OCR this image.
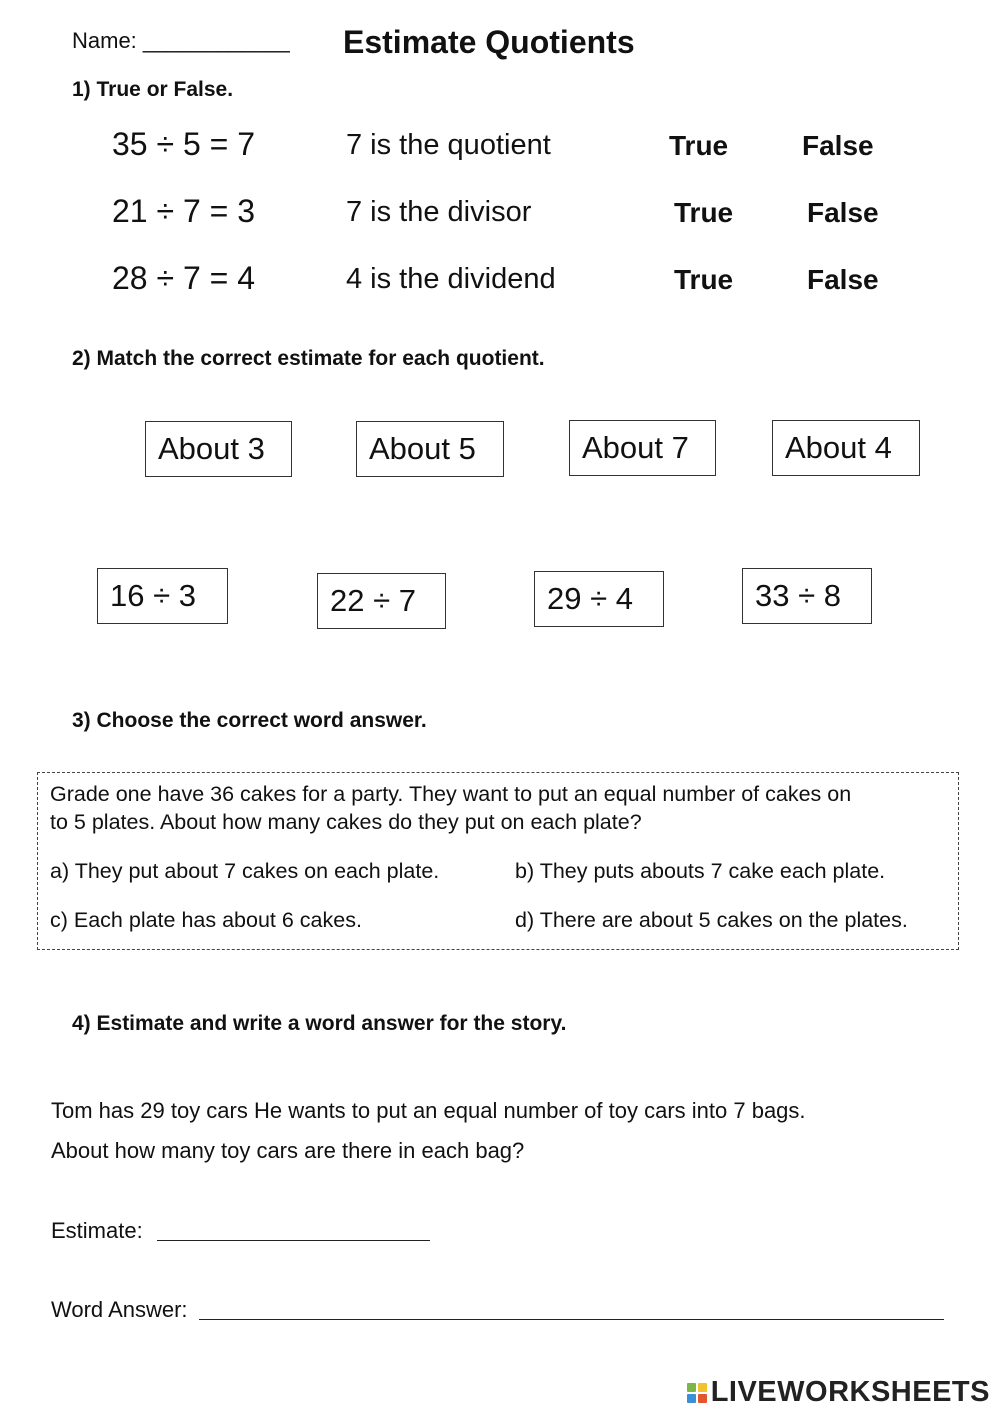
Name: ____________ Estimate Quotients
1) True or False.
35 ÷ 5 = 7	7 is the quotient	True	False
21 ÷ 7 = 3	7 is the divisor	True	False
28 ÷ 7 = 4	4 is the dividend	True	False
2) Match the correct estimate for each quotient.
About 3	About 5	About 7	About 4
16 ÷ 3	22 ÷ 7	29 ÷ 4	33 ÷ 8
3) Choose the correct word answer.
Grade one have 36 cakes for a party. They want to put an equal number of cakes on
to 5 plates. About how many cakes do they put on each plate?
a) They put about 7 cakes on each plate.	b) They puts abouts 7 cake each plate.
c) Each plate has about 6 cakes.	d) There are about 5 cakes on the plates.
4) Estimate and write a word answer for the story.
Tom has 29 toy cars He wants to put an equal number of toy cars into 7 bags.
About how many toy cars are there in each bag?
Estimate:
Word Answer:
LIVEWORKSHEETS
